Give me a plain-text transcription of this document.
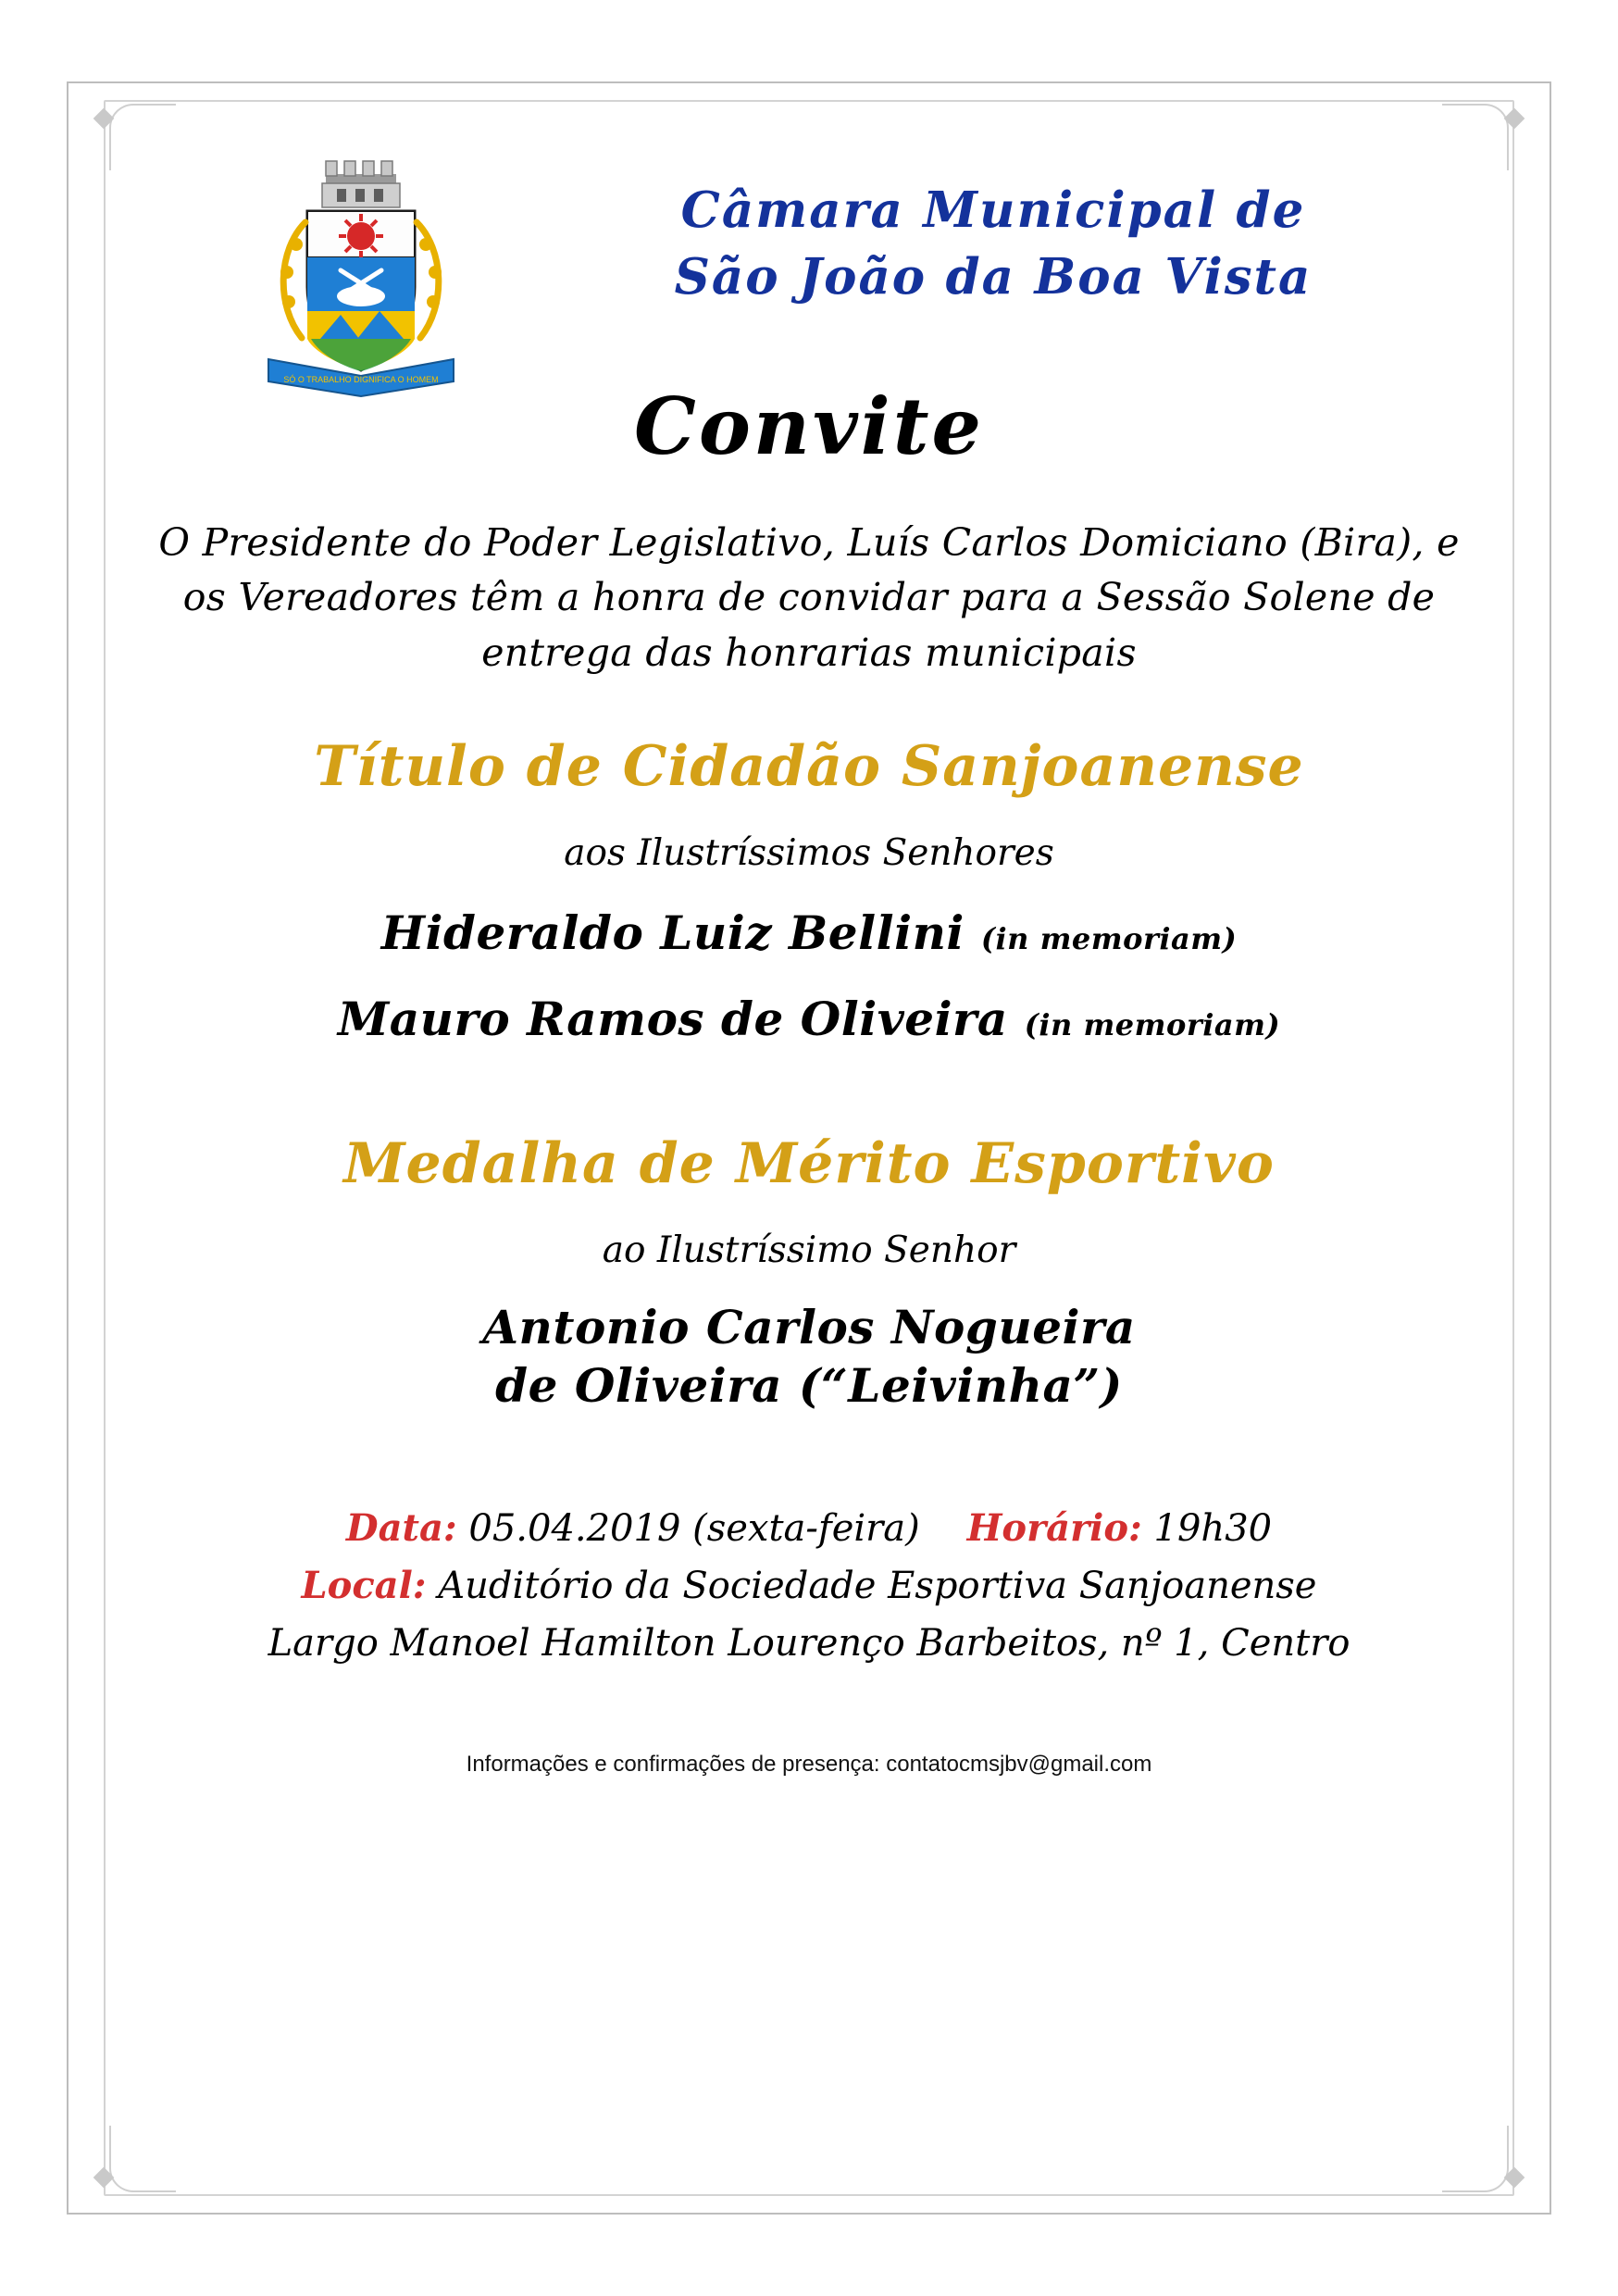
SÓ O TRABALHO DIGNIFICA O HOMEM
Câmara Municipal de
São João da Boa Vista
Convite
O Presidente do Poder Legislativo, Luís Carlos Domiciano (Bira), e os Vereadores têm a honra de convidar para a Sessão Solene de entrega das honrarias municipais
Título de Cidadão Sanjoanense
aos Ilustríssimos Senhores
Hideraldo Luiz Bellini (in memoriam)
Mauro Ramos de Oliveira (in memoriam)
Medalha de Mérito Esportivo
ao Ilustríssimo Senhor
Antonio Carlos Nogueira
de Oliveira (“Leivinha”)
Data: 05.04.2019 (sexta-feira) Horário: 19h30
Local: Auditório da Sociedade Esportiva Sanjoanense
Largo Manoel Hamilton Lourenço Barbeitos, nº 1, Centro
Informações e confirmações de presença: contatocmsjbv@gmail.com
